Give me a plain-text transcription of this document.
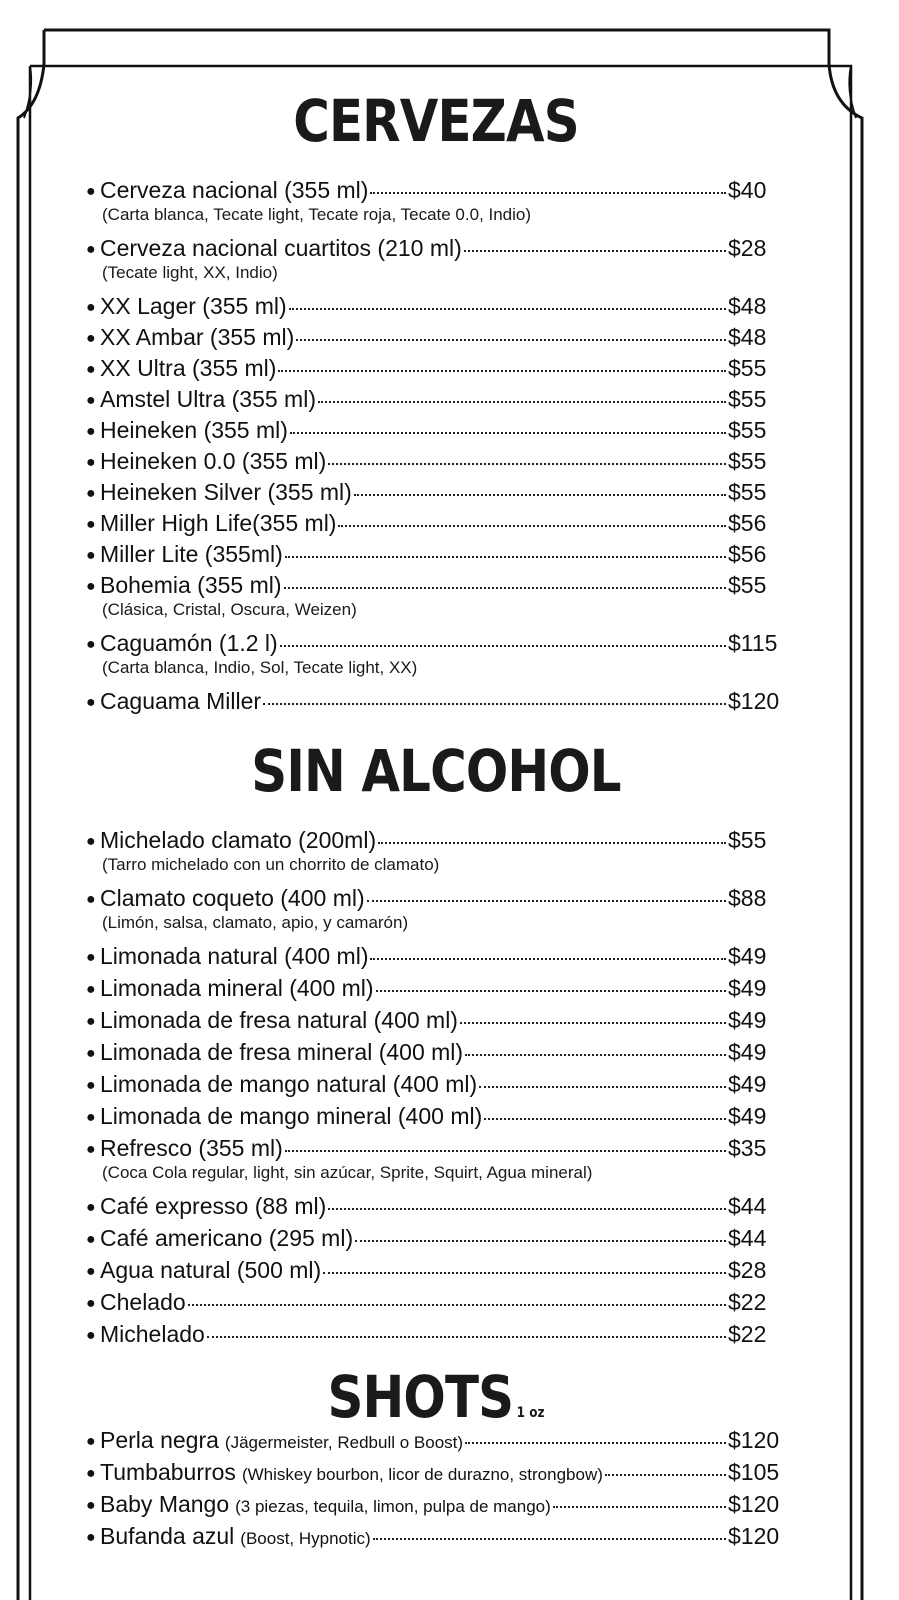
CERVEZAS
● Cerveza nacional (355 ml)	$40
(Carta blanca, Tecate light, Tecate roja, Tecate 0.0, Indio)
● Cerveza nacional cuartitos (210 ml)	$28
(Tecate light, XX, Indio)
● XX Lager (355 ml)	$48
● XX Ambar (355 ml)	$48
● XX Ultra (355 ml)	$55
● Amstel Ultra (355 ml)	$55
● Heineken (355 ml)	$55
● Heineken 0.0 (355 ml)	$55
● Heineken Silver (355 ml)	$55
● Miller High Life(355 ml)	$56
● Miller Lite (355ml)	$56
● Bohemia (355 ml)	$55
(Clásica, Cristal, Oscura, Weizen)
● Caguamón (1.2 l)	$115
(Carta blanca, Indio, Sol, Tecate light, XX)
● Caguama Miller	$120
SIN ALCOHOL
● Michelado clamato (200ml)	$55
(Tarro michelado con un chorrito de clamato)
● Clamato coqueto (400 ml)	$88
(Limón, salsa, clamato, apio, y camarón)
● Limonada natural (400 ml)	$49
● Limonada mineral (400 ml)	$49
● Limonada de fresa natural (400 ml)	$49
● Limonada de fresa mineral (400 ml)	$49
● Limonada de mango natural (400 ml)	$49
● Limonada de mango mineral (400 ml)	$49
● Refresco (355 ml)	$35
(Coca Cola regular, light, sin azúcar, Sprite, Squirt, Agua mineral)
● Café expresso (88 ml)	$44
● Café americano (295 ml)	$44
● Agua natural (500 ml)	$28
● Chelado	$22
● Michelado	$22
SHOTS 1 oz
● Perla negra (Jägermeister, Redbull o Boost)	$120
● Tumbaburros (Whiskey bourbon, licor de durazno, strongbow)	$105
● Baby Mango (3 piezas, tequila, limon, pulpa de mango)	$120
● Bufanda azul (Boost, Hypnotic)	$120
